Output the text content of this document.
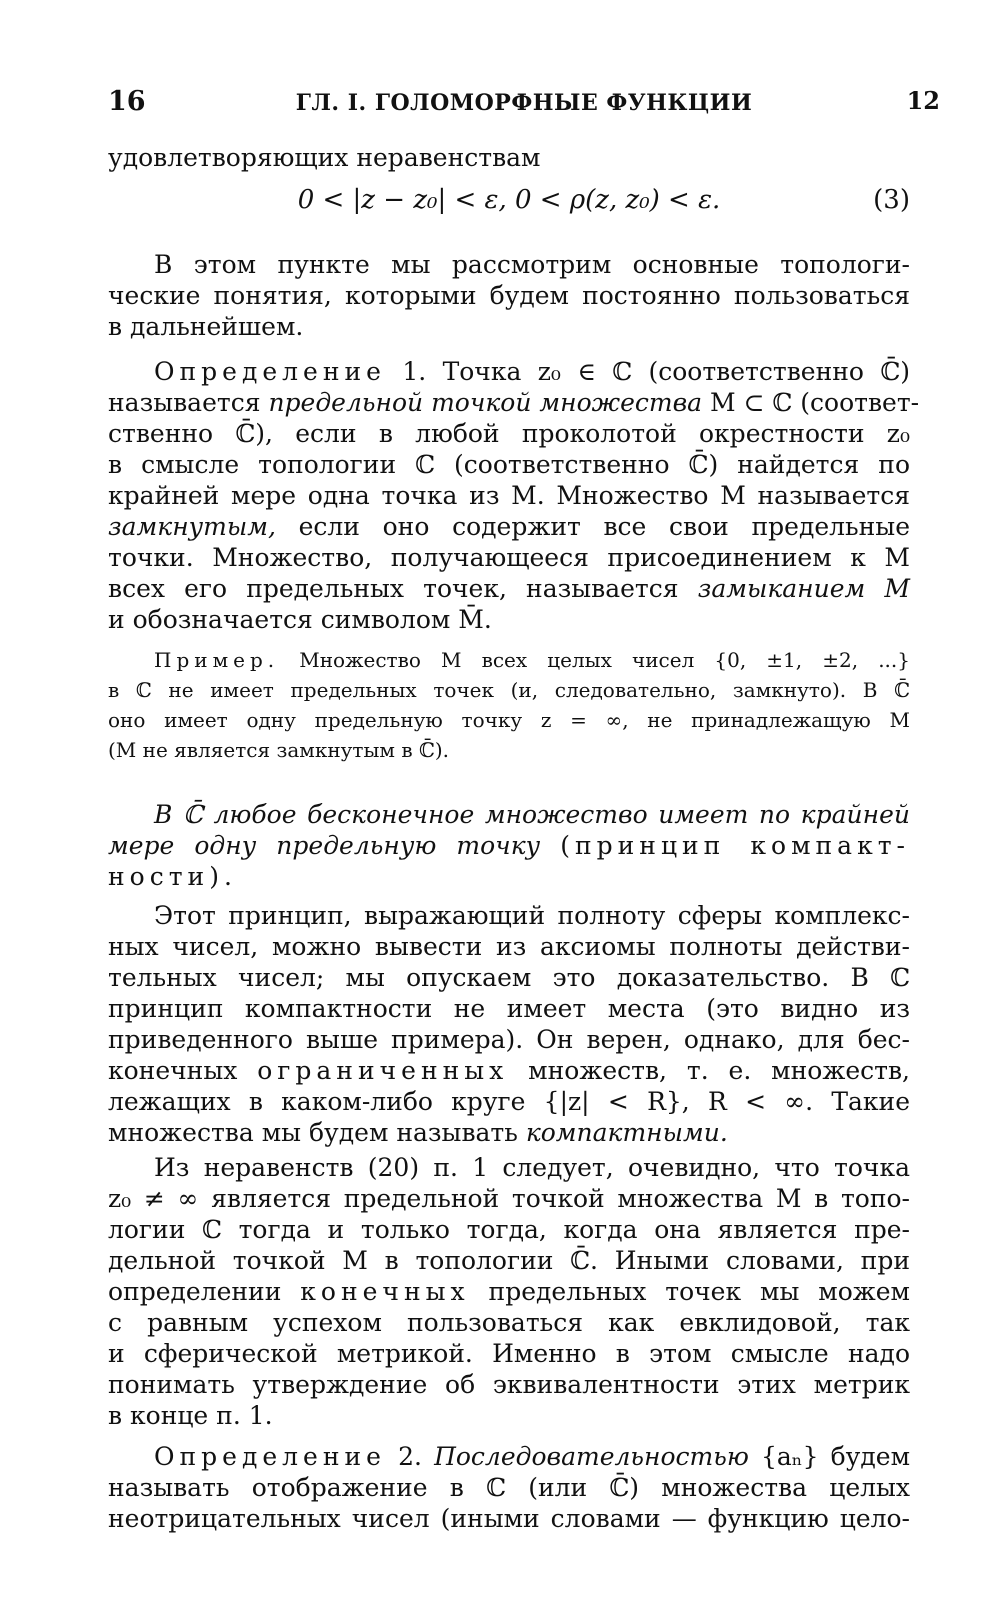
16	ГЛ. I. ГОЛОМОРФНЫЕ ФУНКЦИИ	12
удовлетворяющих неравенствам
0 < |z − z₀| < ε, 0 < ρ(z, z₀) < ε.	(3)
В этом пункте мы рассмотрим основные топологи-
ческие понятия, которыми будем постоянно пользоваться
в дальнейшем.
Определение 1. Точка z₀ ∈ ℂ (соответственно ℂ̄)
называется предельной точкой множества M ⊂ ℂ (соответ-
ственно ℂ̄), если в любой проколотой окрестности z₀
в смысле топологии ℂ (соответственно ℂ̄) найдется по
крайней мере одна точка из M. Множество M называется
замкнутым, если оно содержит все свои предельные
точки. Множество, получающееся присоединением к M
всех его предельных точек, называется замыканием M
и обозначается символом M̄.
Пример. Множество M всех целых чисел {0, ±1, ±2, ...}
в ℂ не имеет предельных точек (и, следовательно, замкнуто). В ℂ̄
оно имеет одну предельную точку z = ∞, не принадлежащую M
(M не является замкнутым в ℂ̄).
В ℂ̄ любое бесконечное множество имеет по крайней
мере одну предельную точку (принцип компакт-
ности).
Этот принцип, выражающий полноту сферы комплекс-
ных чисел, можно вывести из аксиомы полноты действи-
тельных чисел; мы опускаем это доказательство. В ℂ
принцип компактности не имеет места (это видно из
приведенного выше примера). Он верен, однако, для бес-
конечных ограниченных множеств, т. е. множеств,
лежащих в каком-либо круге {|z| < R}, R < ∞. Такие
множества мы будем называть компактными.
Из неравенств (20) п. 1 следует, очевидно, что точка
z₀ ≠ ∞ является предельной точкой множества M в топо-
логии ℂ тогда и только тогда, когда она является пре-
дельной точкой M в топологии ℂ̄. Иными словами, при
определении конечных предельных точек мы можем
с равным успехом пользоваться как евклидовой, так
и сферической метрикой. Именно в этом смысле надо
понимать утверждение об эквивалентности этих метрик
в конце п. 1.
Определение 2. Последовательностью {aₙ} будем
называть отображение в ℂ (или ℂ̄) множества целых
неотрицательных чисел (иными словами — функцию цело-
